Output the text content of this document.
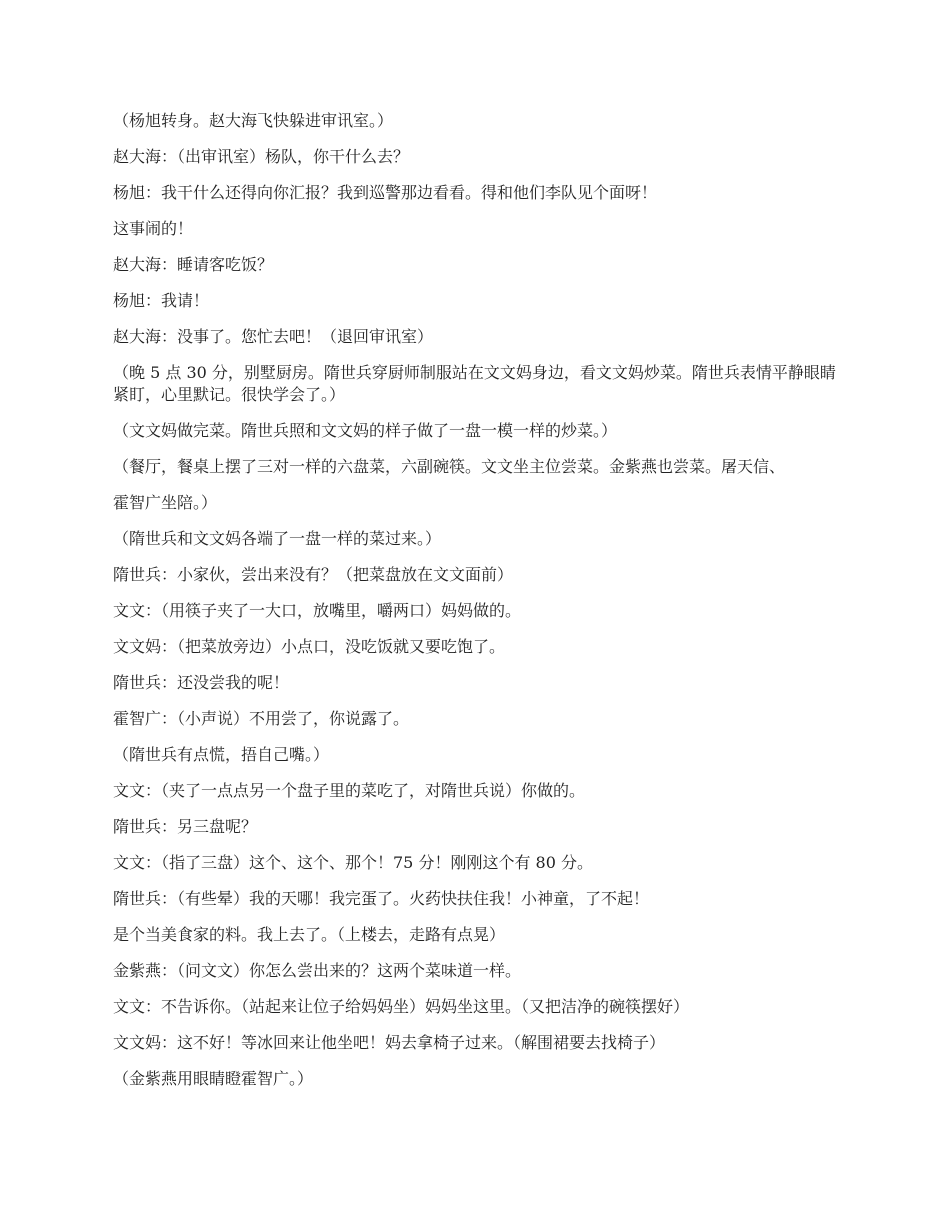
（杨旭转身。赵大海飞快躲进审讯室。）

赵大海：（出审讯室）杨队，你干什么去？

杨旭：我干什么还得向你汇报？我到巡警那边看看。得和他们李队见个面呀！

这事闹的！

赵大海：睡请客吃饭？

杨旭：我请！

赵大海：没事了。您忙去吧！（退回审讯室）

（晚 5 点 30 分，别墅厨房。隋世兵穿厨师制服站在文文妈身边，看文文妈炒菜。隋世兵表情平静眼睛紧盯，心里默记。很快学会了。）

（文文妈做完菜。隋世兵照和文文妈的样子做了一盘一模一样的炒菜。）

（餐厅，餐桌上摆了三对一样的六盘菜，六副碗筷。文文坐主位尝菜。金紫燕也尝菜。屠天信、

霍智广坐陪。）

（隋世兵和文文妈各端了一盘一样的菜过来。）

隋世兵：小家伙，尝出来没有？（把菜盘放在文文面前）

文文：（用筷子夹了一大口，放嘴里，嚼两口）妈妈做的。

文文妈：（把菜放旁边）小点口，没吃饭就又要吃饱了。

隋世兵：还没尝我的呢！

霍智广：（小声说）不用尝了，你说露了。

（隋世兵有点慌，捂自己嘴。）

文文：（夹了一点点另一个盘子里的菜吃了，对隋世兵说）你做的。

隋世兵：另三盘呢？

文文：（指了三盘）这个、这个、那个！75 分！刚刚这个有 80 分。

隋世兵：（有些晕）我的天哪！我完蛋了。火药快扶住我！小神童，了不起！

是个当美食家的料。我上去了。（上楼去，走路有点晃）

金紫燕：（问文文）你怎么尝出来的？这两个菜味道一样。

文文：不告诉你。（站起来让位子给妈妈坐）妈妈坐这里。（又把洁净的碗筷摆好）

文文妈：这不好！等冰回来让他坐吧！妈去拿椅子过来。（解围裙要去找椅子）

（金紫燕用眼睛瞪霍智广。）
